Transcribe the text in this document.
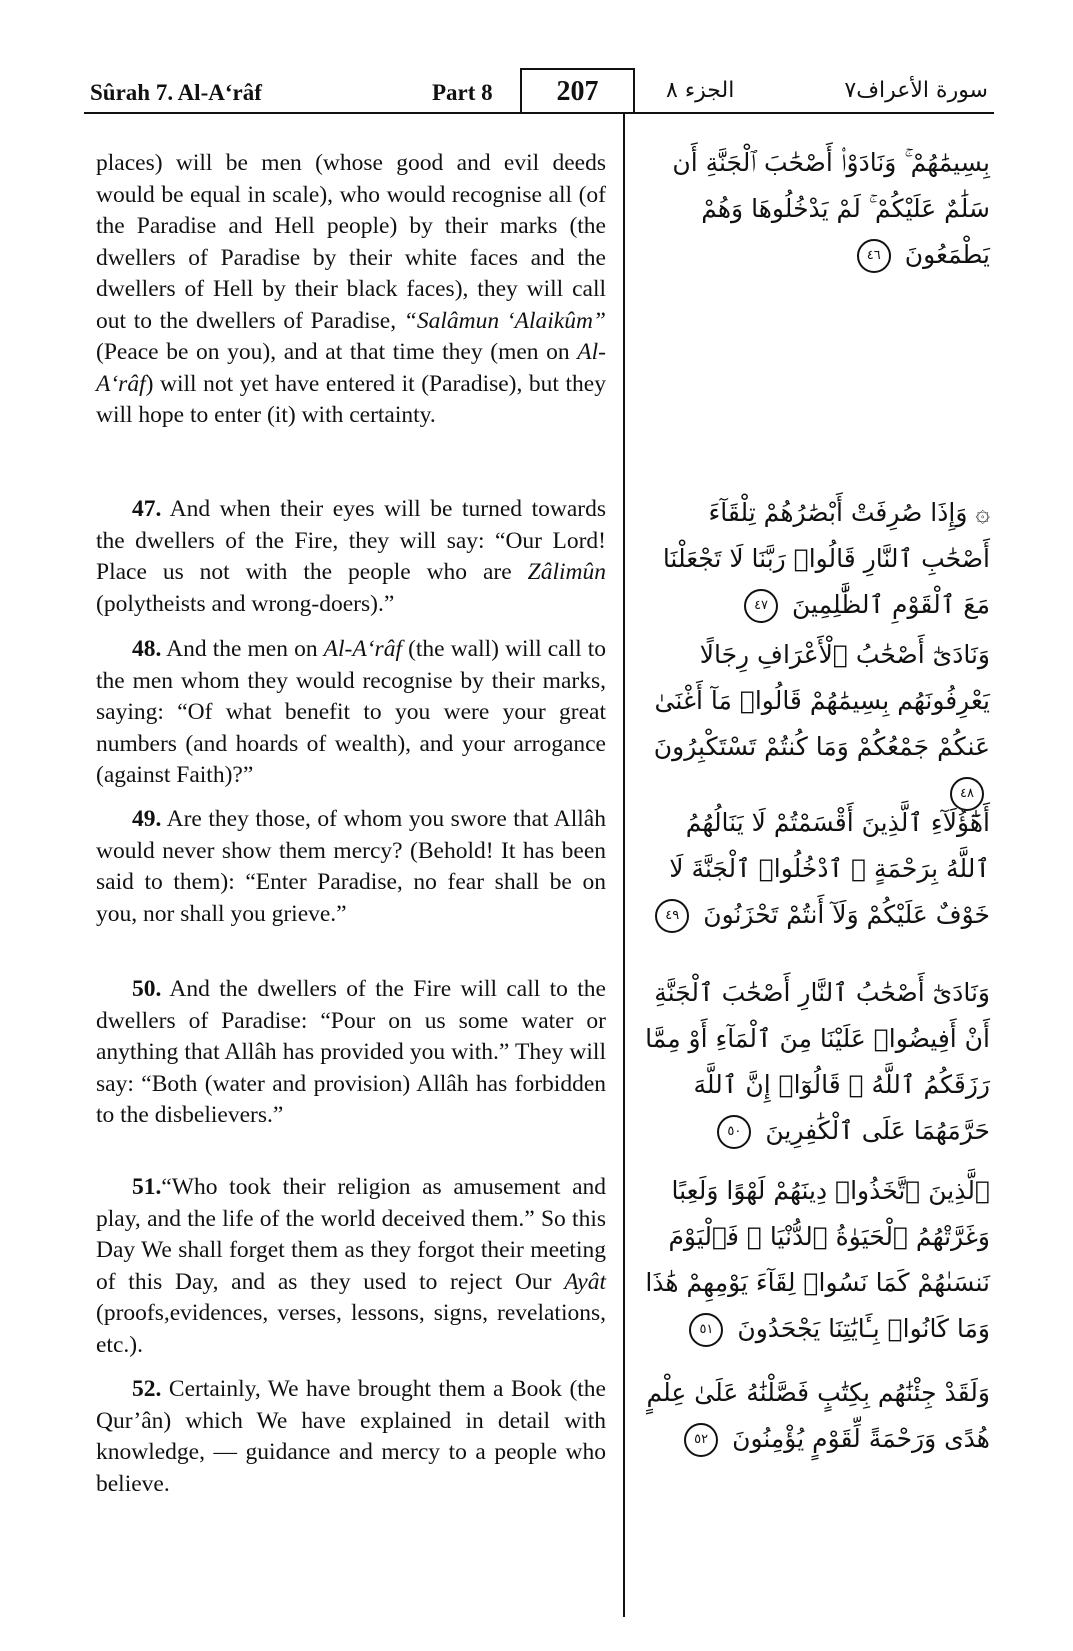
Sûrah 7. Al-A‘râf	Part 8	207	الجزء ٨	سورة الأعراف٧
places) will be men (whose good and evil deeds would be equal in scale), who would recognise all (of the Paradise and Hell people) by their marks (the dwellers of Paradise by their white faces and the dwellers of Hell by their black faces), they will call out to the dwellers of Paradise, “Salâmun ‘Alaikûm” (Peace be on you), and at that time they (men on Al-A‘râf) will not yet have entered it (Paradise), but they will hope to enter (it) with certainty.
47. And when their eyes will be turned towards the dwellers of the Fire, they will say: “Our Lord! Place us not with the people who are Zâlimûn (polytheists and wrong-doers).”
48. And the men on Al-A‘râf (the wall) will call to the men whom they would recognise by their marks, saying: “Of what benefit to you were your great numbers (and hoards of wealth), and your arrogance (against Faith)?”
49. Are they those, of whom you swore that Allâh would never show them mercy? (Behold! It has been said to them): “Enter Paradise, no fear shall be on you, nor shall you grieve.”
50. And the dwellers of the Fire will call to the dwellers of Paradise: “Pour on us some water or anything that Allâh has provided you with.” They will say: “Both (water and provision) Allâh has forbidden to the disbelievers.”
51.“Who took their religion as amusement and play, and the life of the world deceived them.” So this Day We shall forget them as they forgot their meeting of this Day, and as they used to reject Our Ayât (proofs,evidences, verses, lessons, signs, revelations, etc.).
52. Certainly, We have brought them a Book (the Qur’ân) which We have explained in detail with knowledge, — guidance and mercy to a people who believe.
بِسِيمَٰهُمْ ۚ وَنَادَوْا۟ أَصْحَٰبَ ٱلْجَنَّةِ أَن سَلَٰمٌ عَلَيْكُمْ ۚ لَمْ يَدْخُلُوهَا وَهُمْ يَطْمَعُونَ ٤٦
۞ وَإِذَا صُرِفَتْ أَبْصَٰرُهُمْ تِلْقَآءَ أَصْحَٰبِ ٱلنَّارِ قَالُوا۟ رَبَّنَا لَا تَجْعَلْنَا مَعَ ٱلْقَوْمِ ٱلظَّٰلِمِينَ ٤٧
وَنَادَىٰٓ أَصْحَٰبُ ٱلْأَعْرَافِ رِجَالًا يَعْرِفُونَهُم بِسِيمَٰهُمْ قَالُوا۟ مَآ أَغْنَىٰ عَنكُمْ جَمْعُكُمْ وَمَا كُنتُمْ تَسْتَكْبِرُونَ ٤٨
أَهَٰٓؤُلَآءِ ٱلَّذِينَ أَقْسَمْتُمْ لَا يَنَالُهُمُ ٱللَّهُ بِرَحْمَةٍ ۚ ٱدْخُلُوا۟ ٱلْجَنَّةَ لَا خَوْفٌ عَلَيْكُمْ وَلَآ أَنتُمْ تَحْزَنُونَ ٤٩
وَنَادَىٰٓ أَصْحَٰبُ ٱلنَّارِ أَصْحَٰبَ ٱلْجَنَّةِ أَنْ أَفِيضُوا۟ عَلَيْنَا مِنَ ٱلْمَآءِ أَوْ مِمَّا رَزَقَكُمُ ٱللَّهُ ۚ قَالُوٓا۟ إِنَّ ٱللَّهَ حَرَّمَهُمَا عَلَى ٱلْكَٰفِرِينَ ٥٠
ٱلَّذِينَ ٱتَّخَذُوا۟ دِينَهُمْ لَهْوًا وَلَعِبًا وَغَرَّتْهُمُ ٱلْحَيَوٰةُ ٱلدُّنْيَا ۚ فَٱلْيَوْمَ نَنسَىٰهُمْ كَمَا نَسُوا۟ لِقَآءَ يَوْمِهِمْ هَٰذَا وَمَا كَانُوا۟ بِـَٔايَٰتِنَا يَجْحَدُونَ ٥١
وَلَقَدْ جِئْنَٰهُم بِكِتَٰبٍ فَصَّلْنَٰهُ عَلَىٰ عِلْمٍ هُدًى وَرَحْمَةً لِّقَوْمٍ يُؤْمِنُونَ ٥٢
